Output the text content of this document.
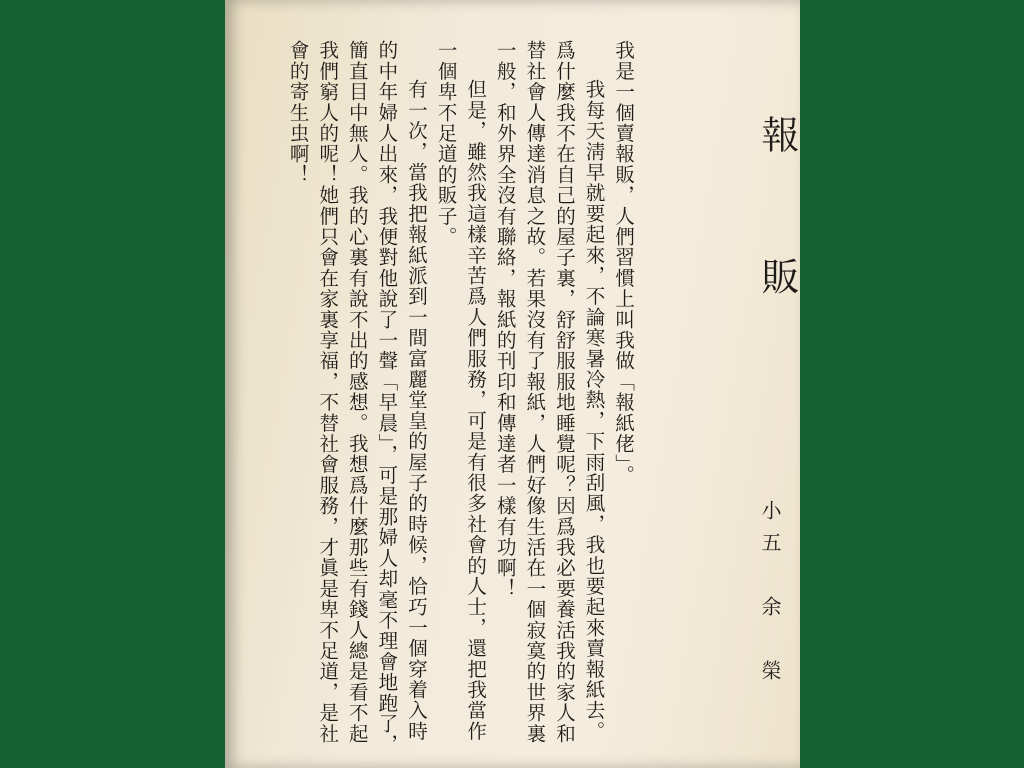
報 販
小五　余　榮

我是一個賣報販，人們習慣上叫我做「報紙佬」。

我每天淸早就要起來，不論寒暑冷熱，下雨刮風，我也要起來賣報紙去。爲什麼我不在自己的屋子裏，舒舒服服地睡覺呢？因爲我必要養活我的家人和替社會人傳達消息之故。若果沒有了報紙，人們好像生活在一個寂寞的世界裏一般，和外界全沒有聯絡，報紙的刊印和傳達者一樣有功啊！

但是，雖然我這樣辛苦爲人們服務，可是有很多社會的人士，還把我當作一個卑不足道的販子。

有一次，當我把報紙派到一間富麗堂皇的屋子的時候，恰巧一個穿着入時的中年婦人出來，我便對他說了一聲「早晨」，可是那婦人却毫不理會地跑了，簡直目中無人。我的心裏有說不出的感想。我想爲什麼那些有錢人總是看不起我們窮人的呢！她們只會在家裏享福，不替社會服務，才眞是卑不足道，是社會的寄生虫啊！
